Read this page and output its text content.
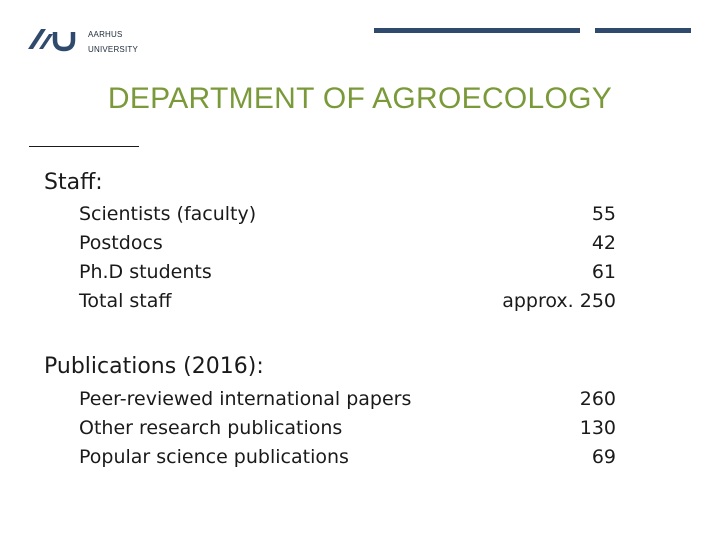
AARHUS
UNIVERSITY
DEPARTMENT OF AGROECOLOGY
Staff:
Scientists (faculty)	55
Postdocs	42
Ph.D students	61
Total staff	approx. 250
Publications (2016):
Peer-reviewed international papers	260
Other research publications	130
Popular science publications	69
